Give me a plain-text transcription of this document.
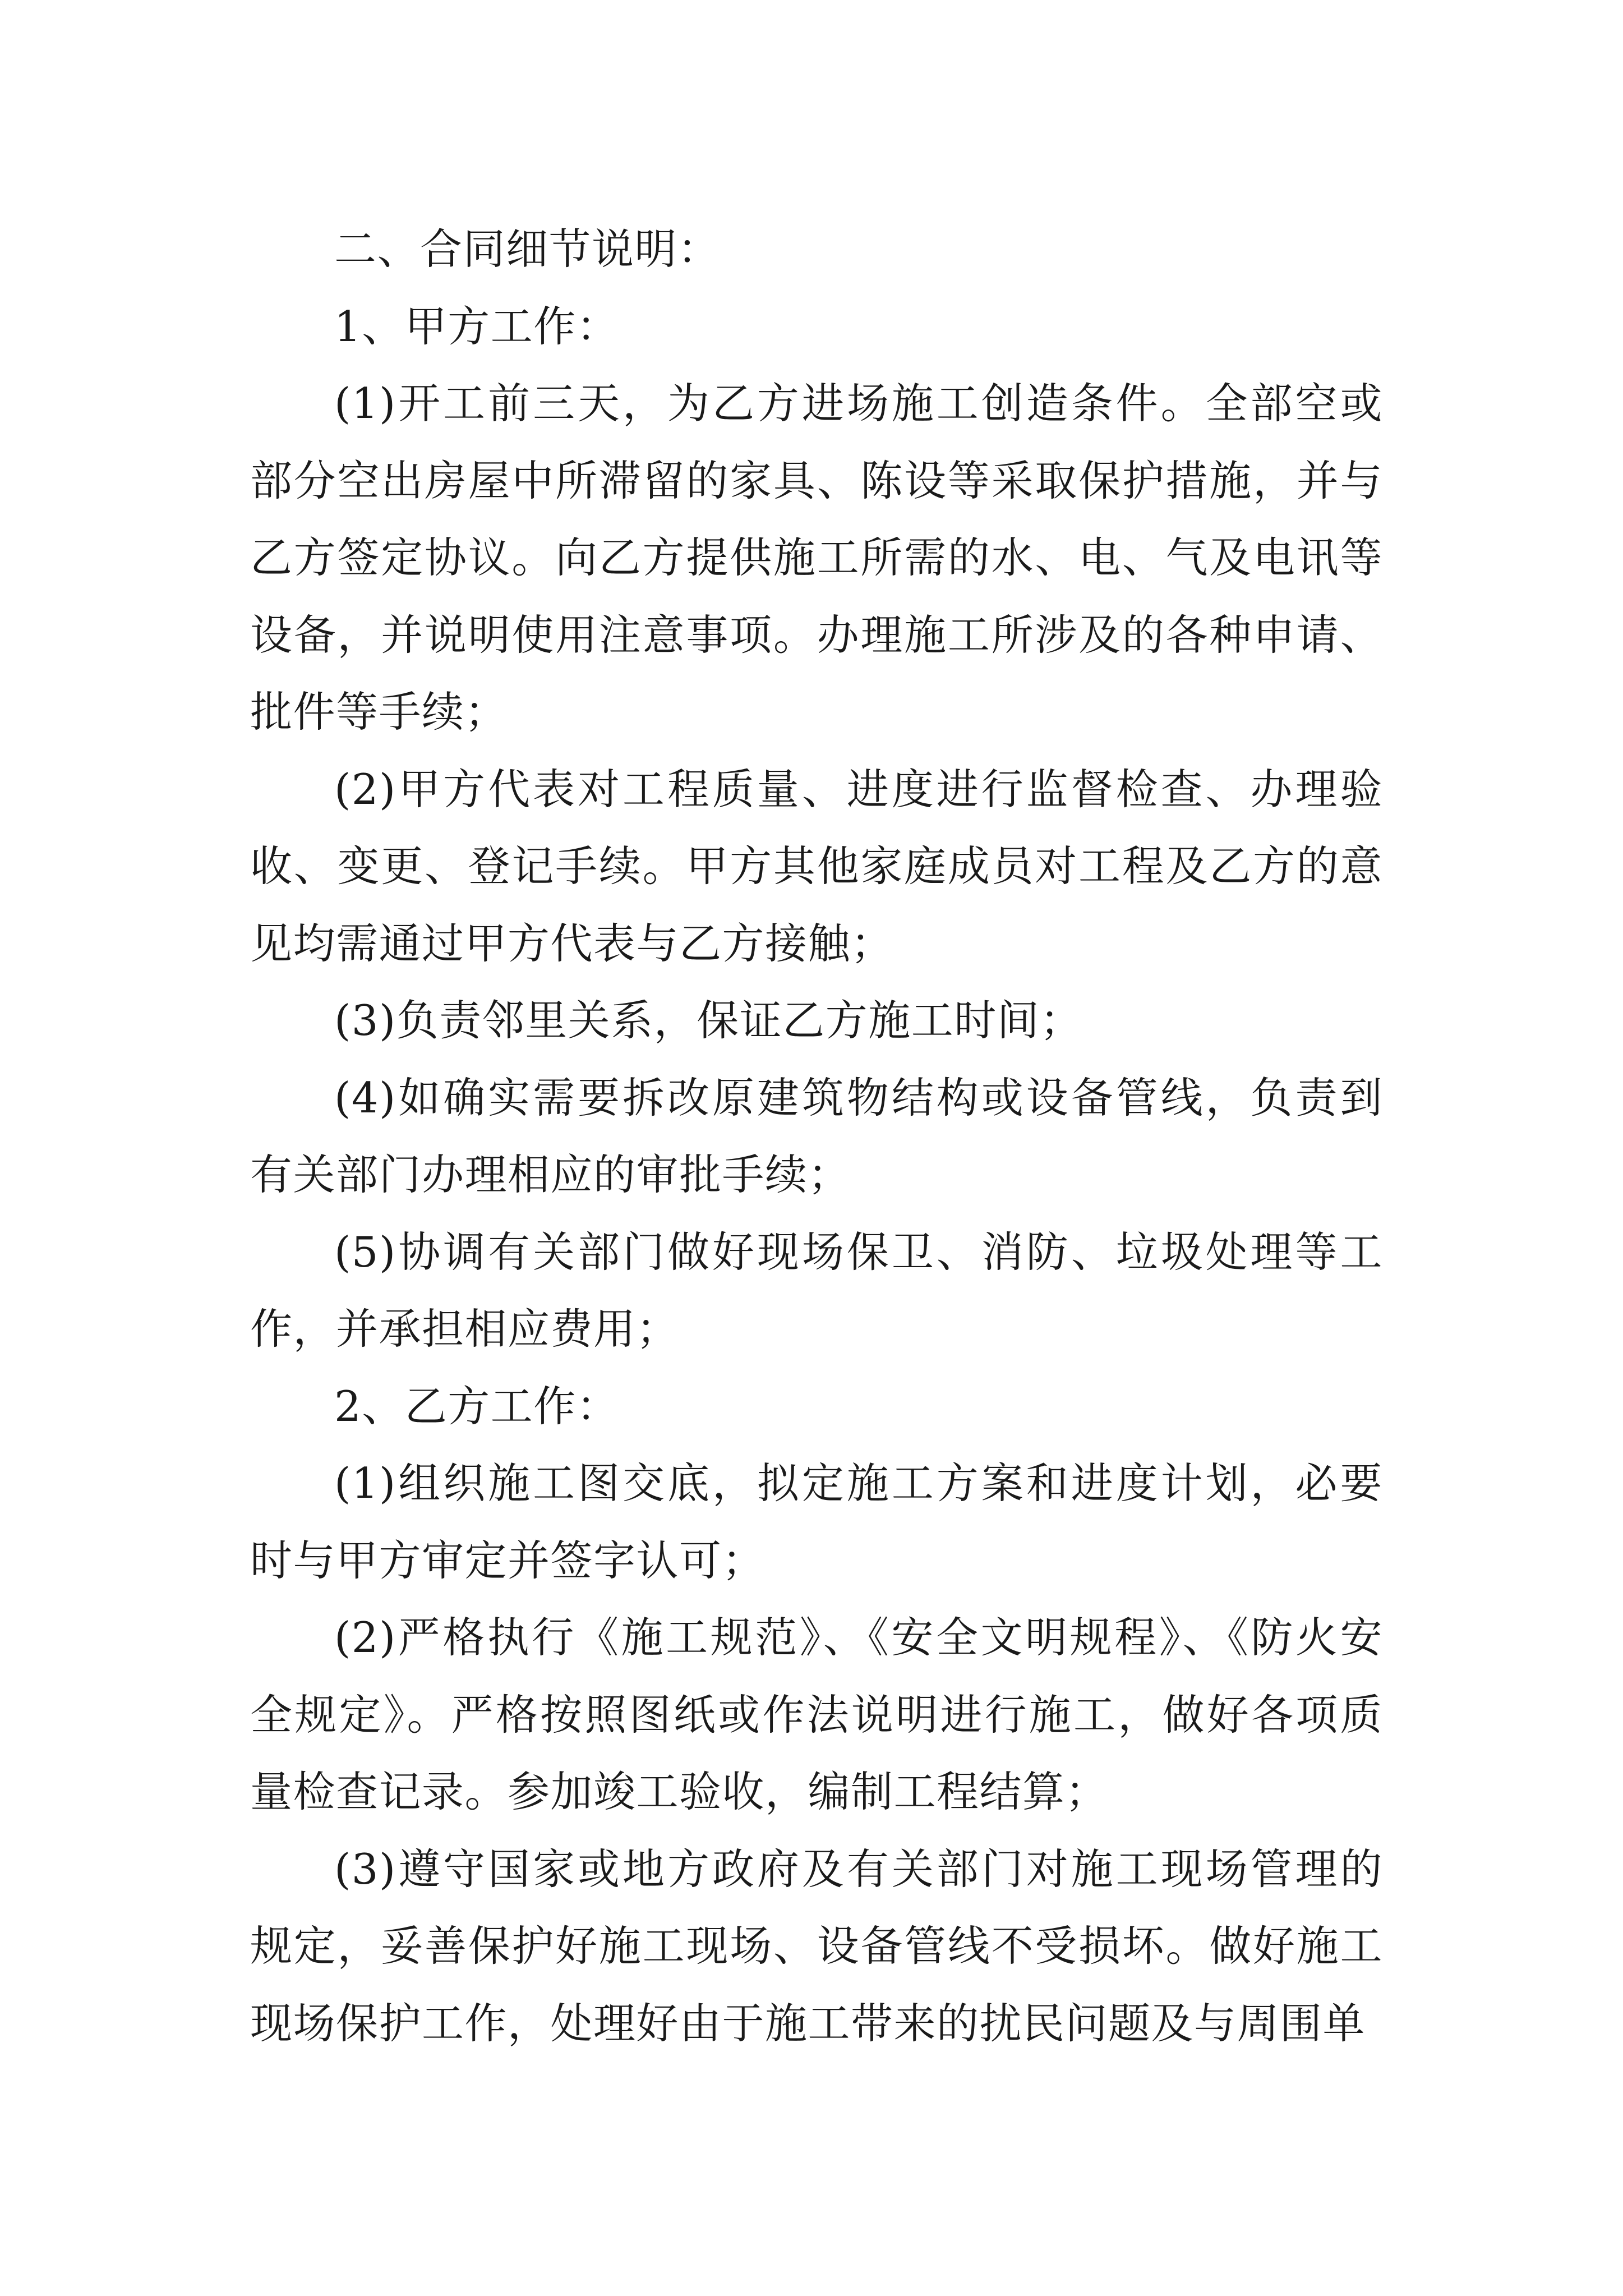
二、合同细节说明：

1、甲方工作：

(1)开工前三天，为乙方进场施工创造条件。全部空或部分空出房屋中所滞留的家具、陈设等采取保护措施，并与乙方签定协议。向乙方提供施工所需的水、电、气及电讯等设备，并说明使用注意事项。办理施工所涉及的各种申请、批件等手续；

(2)甲方代表对工程质量、进度进行监督检查、办理验收、变更、登记手续。甲方其他家庭成员对工程及乙方的意见均需通过甲方代表与乙方接触；

(3)负责邻里关系，保证乙方施工时间；

(4)如确实需要拆改原建筑物结构或设备管线，负责到有关部门办理相应的审批手续；

(5)协调有关部门做好现场保卫、消防、垃圾处理等工作，并承担相应费用；

2、乙方工作：

(1)组织施工图交底，拟定施工方案和进度计划，必要时与甲方审定并签字认可；

(2)严格执行《施工规范》、《安全文明规程》、《防火安全规定》。严格按照图纸或作法说明进行施工，做好各项质量检查记录。参加竣工验收，编制工程结算；

(3)遵守国家或地方政府及有关部门对施工现场管理的规定，妥善保护好施工现场、设备管线不受损坏。做好施工现场保护工作，处理好由于施工带来的扰民问题及与周围单
